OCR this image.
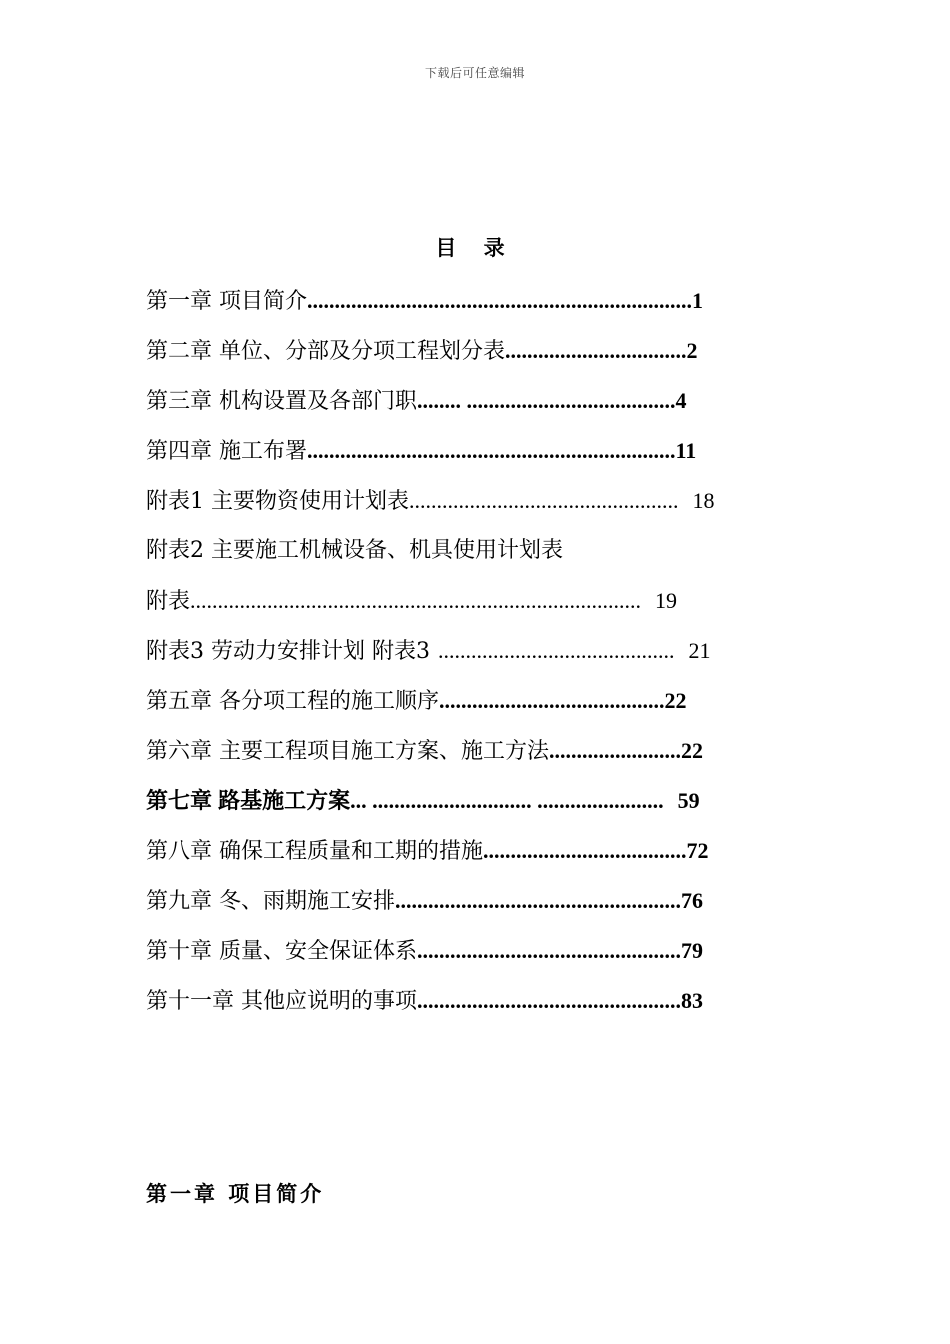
下载后可任意编辑
目 录
第一章 项目简介......................................................................1
第二章 单位、分部及分项工程划分表.................................2
第三章 机构设置及各部门职........ ......................................4
第四章 施工布署...................................................................11
附表1 主要物资使用计划表................................................. 18
附表2 主要施工机械设备、机具使用计划表
附表.................................................................................. 19
附表3 劳动力安排计划 附表3 ........................................... 21
第五章 各分项工程的施工顺序.........................................22
第六章 主要工程项目施工方案、施工方法........................22
第七章 路基施工方案... ............................. ....................... 59
第八章 确保工程质量和工期的措施.....................................72
第九章 冬、雨期施工安排....................................................76
第十章 质量、安全保证体系................................................79
第十一章 其他应说明的事项................................................83
第一章 项目简介
